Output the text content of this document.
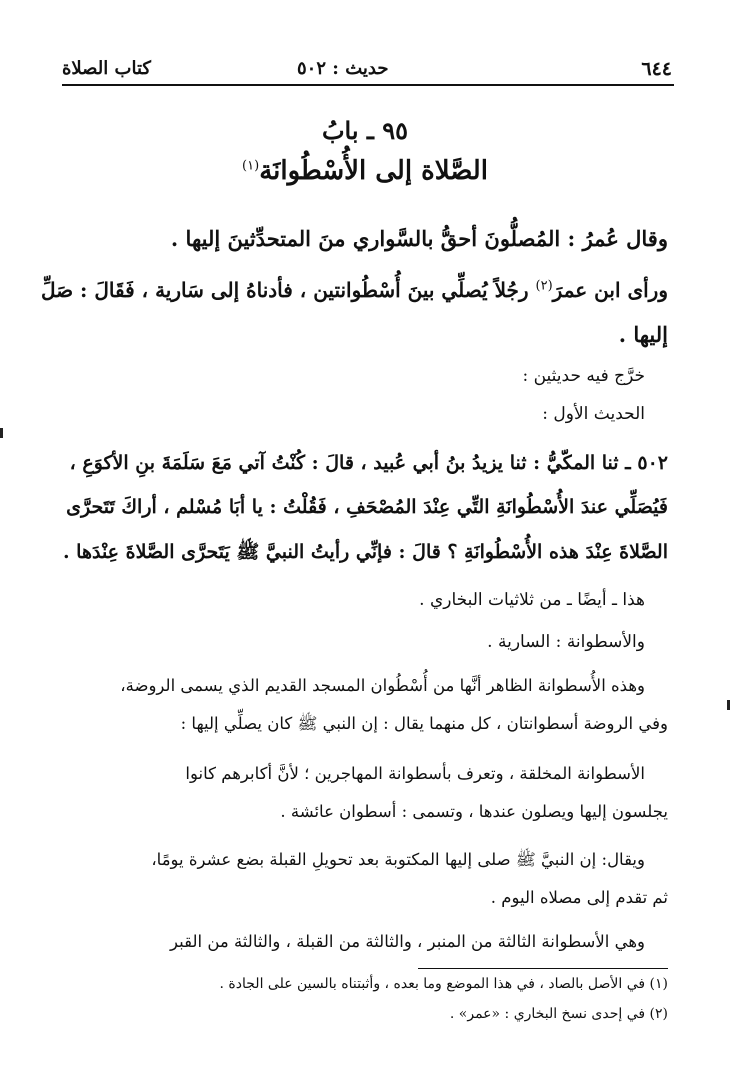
٦٤٤
حديث : ٥٠٢
كتاب الصلاة
٩٥ ـ بابُ
الصَّلاة إلى الأُسْطُوانَة$^{(١)}$
وقال عُمرُ : المُصلُّونَ أحقُّ بالسَّواري منَ المتحدِّثينَ إليها .
ورأى ابن عمرَ$^{(٢)}$ رجُلاً يُصلِّي بينَ أُسْطُوانتين ، فأدناهُ إلى سَارية ، فَقَالَ : صَلِّ
إليها .
خرَّج فيه حديثين :
الحديث الأول :
٥٠٢ ـ ثنا المكّيُّ : ثنا يزيدُ بنُ أبي عُبيد ، قالَ : كُنْتُ آتي مَعَ سَلَمَةَ بنِ الأكوَعِ ،
فَيُصَلِّي عندَ الأُسْطُوانَةِ التِّي عِنْدَ المُصْحَفِ ، فَقُلْتُ : يا أبَا مُسْلم ، أراكَ تَتَحرَّى
الصَّلاةَ عِنْدَ هذه الأُسْطُوانَةِ ؟ قالَ : فإنِّي رأيتُ النبيَّ ﷺ يَتَحرَّى الصَّلاةَ عِنْدَها .
هذا ـ أيضًا ـ من ثلاثيات البخاري .
والأسطوانة : السارية .
وهذه الأُسطوانة الظاهر أنَّها من أُسْطُوان المسجد القديم الذي يسمى الروضة،
وفي الروضة أسطوانتان ، كل منهما يقال : إن النبي ﷺ كان يصلِّي إليها :
الأسطوانة المخلقة ، وتعرف بأسطوانة المهاجرين ؛ لأنَّ أكابرهم كانوا
يجلسون إليها ويصلون عندها ، وتسمى : أسطوان عائشة .
ويقال: إن النبيَّ ﷺ صلى إليها المكتوبة بعد تحويلِ القبلة بضع عشرة يومًا،
ثم تقدم إلى مصلاه اليوم .
وهي الأسطوانة الثالثة من المنبر ، والثالثة من القبلة ، والثالثة من القبر
(١) في الأصل بالصاد ، في هذا الموضع وما بعده ، وأثبتناه بالسين على الجادة .
(٢) في إحدى نسخ البخاري : «عمر» .
